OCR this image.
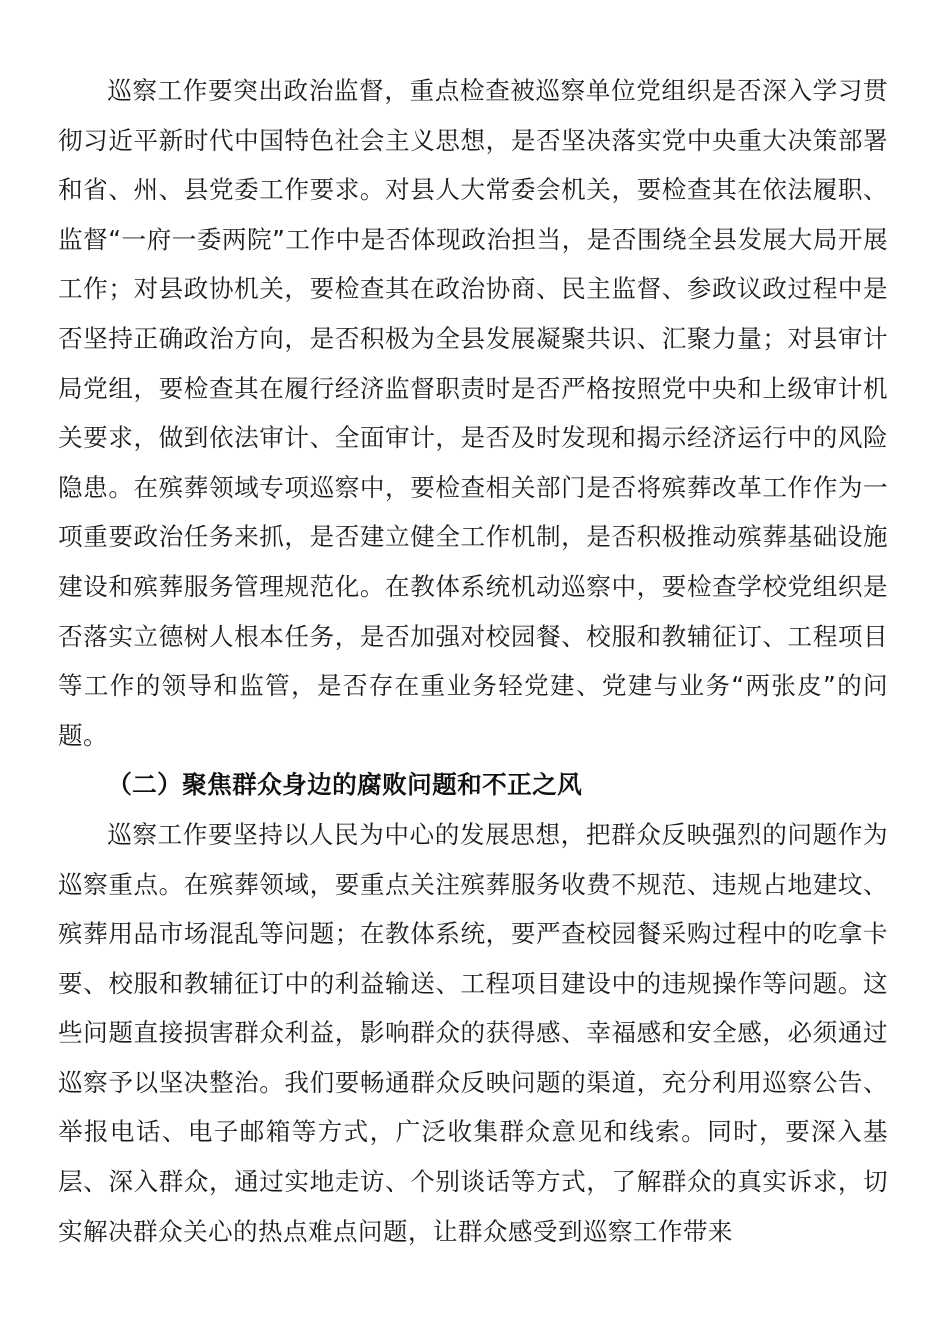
巡察工作要突出政治监督，重点检查被巡察单位党组织是否深入学习贯彻习近平新时代中国特色社会主义思想，是否坚决落实党中央重大决策部署和省、州、县党委工作要求。对县人大常委会机关，要检查其在依法履职、监督“一府一委两院”工作中是否体现政治担当，是否围绕全县发展大局开展工作；对县政协机关，要检查其在政治协商、民主监督、参政议政过程中是否坚持正确政治方向，是否积极为全县发展凝聚共识、汇聚力量；对县审计局党组，要检查其在履行经济监督职责时是否严格按照党中央和上级审计机关要求，做到依法审计、全面审计，是否及时发现和揭示经济运行中的风险隐患。在殡葬领域专项巡察中，要检查相关部门是否将殡葬改革工作作为一项重要政治任务来抓，是否建立健全工作机制，是否积极推动殡葬基础设施建设和殡葬服务管理规范化。在教体系统机动巡察中，要检查学校党组织是否落实立德树人根本任务，是否加强对校园餐、校服和教辅征订、工程项目等工作的领导和监管，是否存在重业务轻党建、党建与业务“两张皮”的问题。

（二）聚焦群众身边的腐败问题和不正之风

巡察工作要坚持以人民为中心的发展思想，把群众反映强烈的问题作为巡察重点。在殡葬领域，要重点关注殡葬服务收费不规范、违规占地建坟、殡葬用品市场混乱等问题；在教体系统，要严查校园餐采购过程中的吃拿卡要、校服和教辅征订中的利益输送、工程项目建设中的违规操作等问题。这些问题直接损害群众利益，影响群众的获得感、幸福感和安全感，必须通过巡察予以坚决整治。我们要畅通群众反映问题的渠道，充分利用巡察公告、举报电话、电子邮箱等方式，广泛收集群众意见和线索。同时，要深入基层、深入群众，通过实地走访、个别谈话等方式，了解群众的真实诉求，切实解决群众关心的热点难点问题，让群众感受到巡察工作带来
